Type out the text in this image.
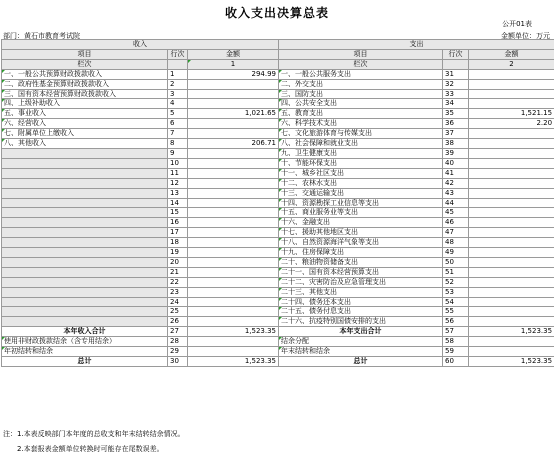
收入支出决算总表
公开01表
部门：黄石市教育考试院	金额单位：万元
收入			支出		
项目	行次	金额	项目	行次	金额
栏次		1	栏次		2
一、一般公共预算财政拨款收入	1	294.99	一、一般公共服务支出	31	
二、政府性基金预算财政拨款收入	2		二、外交支出	32	
三、国有资本经营预算财政拨款收入	3		三、国防支出	33	
四、上级补助收入	4		四、公共安全支出	34	
五、事业收入	5	1,021.65	五、教育支出	35	1,521.15
六、经营收入	6		六、科学技术支出	36	2.20
七、附属单位上缴收入	7		七、文化旅游体育与传媒支出	37	
八、其他收入	8	206.71	八、社会保障和就业支出	38	
	9		九、卫生健康支出	39	
	10		十、节能环保支出	40	
	11		十一、城乡社区支出	41	
	12		十二、农林水支出	42	
	13		十三、交通运输支出	43	
	14		十四、资源勘探工业信息等支出	44	
	15		十五、商业服务业等支出	45	
	16		十六、金融支出	46	
	17		十七、援助其他地区支出	47	
	18		十八、自然资源海洋气象等支出	48	
	19		十九、住房保障支出	49	
	20		二十、粮油物资储备支出	50	
	21		二十一、国有资本经营预算支出	51	
	22		二十二、灾害防治及应急管理支出	52	
	23		二十三、其他支出	53	
	24		二十四、债务还本支出	54	
	25		二十五、债务付息支出	55	
	26		二十六、抗疫特别国债安排的支出	56	
本年收入合计	27	1,523.35	本年支出合计	57	1,523.35
使用非财政拨款结余（含专用结余）	28		结余分配	58	
年初结转和结余	29		年末结转和结余	59	
总计	30	1,523.35	总计	60	1,523.35
注：1.本表反映部门本年度的总收支和年末结转结余情况。
2.本套报表金额单位转换时可能存在尾数误差。
